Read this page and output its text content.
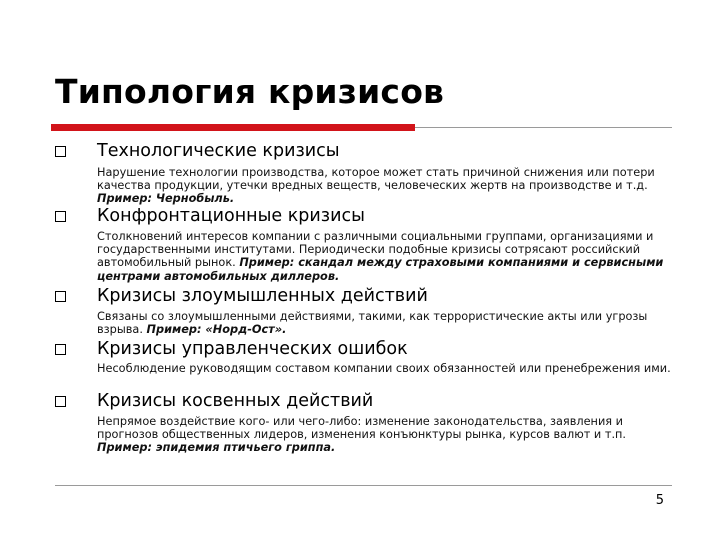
Типология кризисов
Технологические кризисы
Нарушение технологии производства, которое может стать причиной снижения или потери качества продукции, утечки вредных веществ, человеческих жертв на производстве и т.д. Пример: Чернобыль.
Конфронтационные кризисы
Столкновений интересов компании с различными социальными группами, организациями и государственными институтами. Периодически подобные кризисы сотрясают российский автомобильный рынок. Пример: скандал между страховыми компаниями и сервисными центрами автомобильных диллеров.
Кризисы злоумышленных действий
Связаны со злоумышленными действиями, такими, как террористические акты или угрозы взрыва. Пример: «Норд-Ост».
Кризисы управленческих ошибок
Несоблюдение руководящим составом компании своих обязанностей или пренебрежения ими.
Кризисы косвенных действий
Непрямое воздействие кого- или чего-либо: изменение законодательства, заявления и прогнозов общественных лидеров, изменения конъюнктуры рынка, курсов валют и т.п.
Пример: эпидемия птичьего гриппа.
5
